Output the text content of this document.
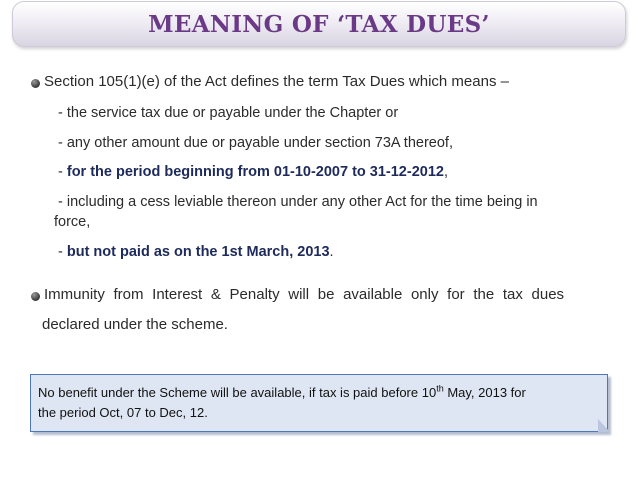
MEANING OF ‘TAX DUES’
Section 105(1)(e) of the Act defines the term Tax Dues which means –
- the service tax due or payable under the Chapter or
- any other amount due or payable under section 73A thereof,
- for the period beginning from 01-10-2007 to 31-12-2012,
- including a cess leviable thereon under any other Act for the time being in
force,
- but not paid as on the 1st March, 2013.
Immunity from Interest & Penalty will be available only for the tax dues
declared under the scheme.
No benefit under the Scheme will be available, if tax is paid before 10th May, 2013 for
the period Oct, 07 to Dec, 12.
